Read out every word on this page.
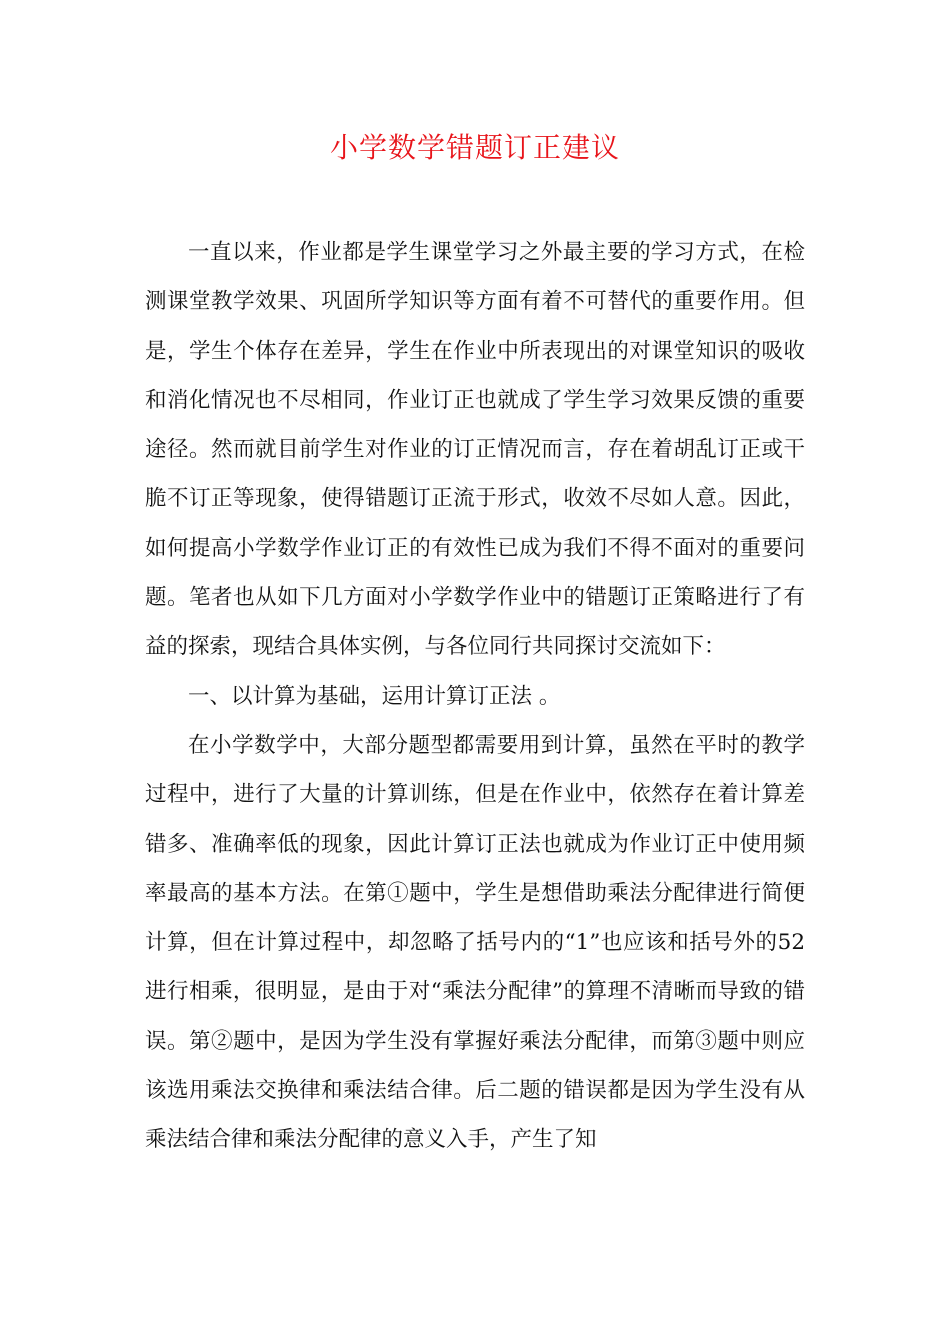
小学数学错题订正建议

一直以来，作业都是学生课堂学习之外最主要的学习方式，在检测课堂教学效果、巩固所学知识等方面有着不可替代的重要作用。但是，学生个体存在差异，学生在作业中所表现出的对课堂知识的吸收和消化情况也不尽相同，作业订正也就成了学生学习效果反馈的重要途径。然而就目前学生对作业的订正情况而言，存在着胡乱订正或干脆不订正等现象，使得错题订正流于形式，收效不尽如人意。因此，如何提高小学数学作业订正的有效性已成为我们不得不面对的重要问题。笔者也从如下几方面对小学数学作业中的错题订正策略进行了有益的探索，现结合具体实例，与各位同行共同探讨交流如下：

一、以计算为基础，运用计算订正法 。

在小学数学中，大部分题型都需要用到计算，虽然在平时的教学过程中，进行了大量的计算训练，但是在作业中，依然存在着计算差错多、准确率低的现象，因此计算订正法也就成为作业订正中使用频率最高的基本方法。在第①题中，学生是想借助乘法分配律进行简便计算，但在计算过程中，却忽略了括号内的“1”也应该和括号外的52进行相乘，很明显，是由于对“乘法分配律”的算理不清晰而导致的错误。第②题中，是因为学生没有掌握好乘法分配律，而第③题中则应该选用乘法交换律和乘法结合律。后二题的错误都是因为学生没有从乘法结合律和乘法分配律的意义入手，产生了知
